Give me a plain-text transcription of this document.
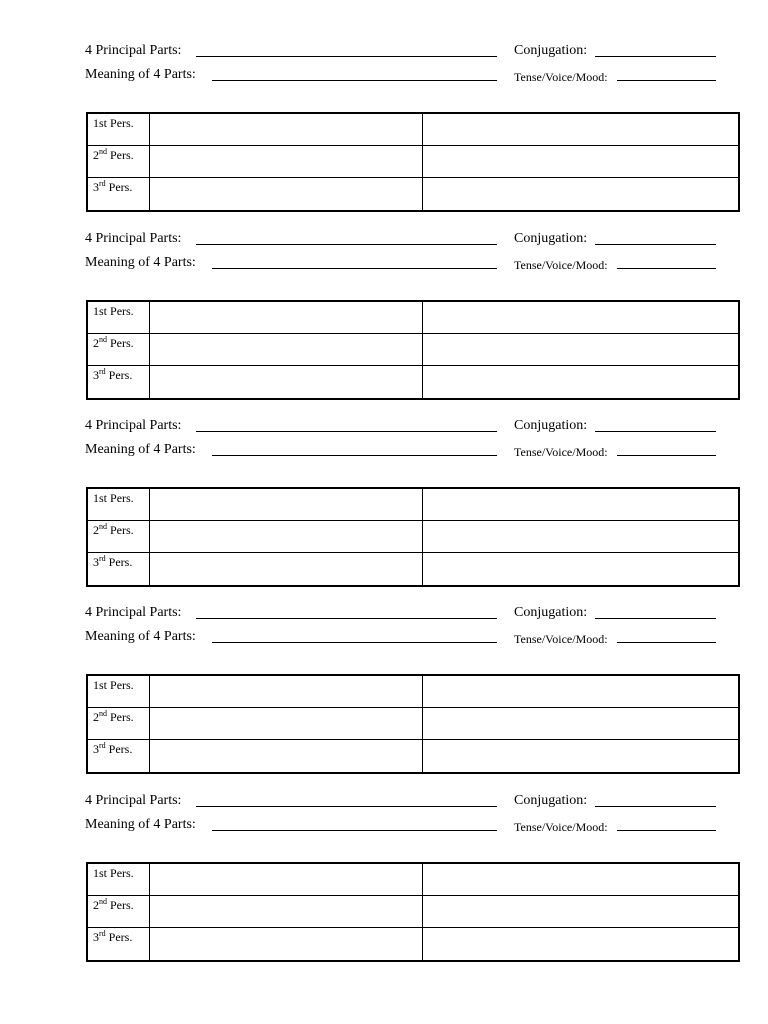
4 Principal Parts:	Conjugation:
Meaning of 4 Parts:	Tense/Voice/Mood:
1st Pers.		
2nd Pers.		
3rd Pers.		
4 Principal Parts:	Conjugation:
Meaning of 4 Parts:	Tense/Voice/Mood:
1st Pers.		
2nd Pers.		
3rd Pers.		
4 Principal Parts:	Conjugation:
Meaning of 4 Parts:	Tense/Voice/Mood:
1st Pers.		
2nd Pers.		
3rd Pers.		
4 Principal Parts:	Conjugation:
Meaning of 4 Parts:	Tense/Voice/Mood:
1st Pers.		
2nd Pers.		
3rd Pers.		
4 Principal Parts:	Conjugation:
Meaning of 4 Parts:	Tense/Voice/Mood:
1st Pers.		
2nd Pers.		
3rd Pers.		
